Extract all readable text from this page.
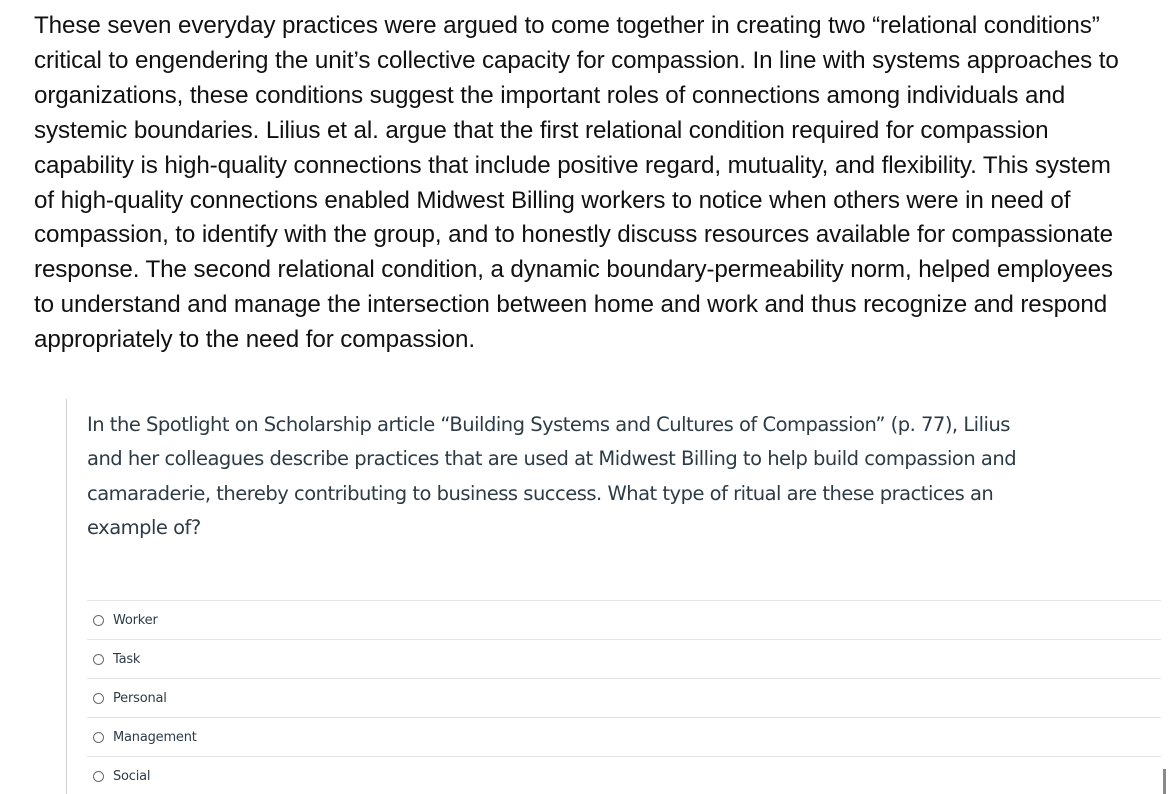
These seven everyday practices were argued to come together in creating two “relational conditions” critical to engendering the unit’s collective capacity for compassion. In line with systems approaches to organizations, these conditions suggest the important roles of connections among individuals and systemic boundaries. Lilius et al. argue that the first relational condition required for compassion capability is high-quality connections that include positive regard, mutuality, and flexibility. This system of high-quality connections enabled Midwest Billing workers to notice when others were in need of compassion, to identify with the group, and to honestly discuss resources available for compassionate response. The second relational condition, a dynamic boundary-permeability norm, helped employees to understand and manage the intersection between home and work and thus recognize and respond appropriately to the need for compassion.

In the Spotlight on Scholarship article “Building Systems and Cultures of Compassion” (p. 77), Lilius and her colleagues describe practices that are used at Midwest Billing to help build compassion and camaraderie, thereby contributing to business success. What type of ritual are these practices an example of?

Worker
Task
Personal
Management
Social
